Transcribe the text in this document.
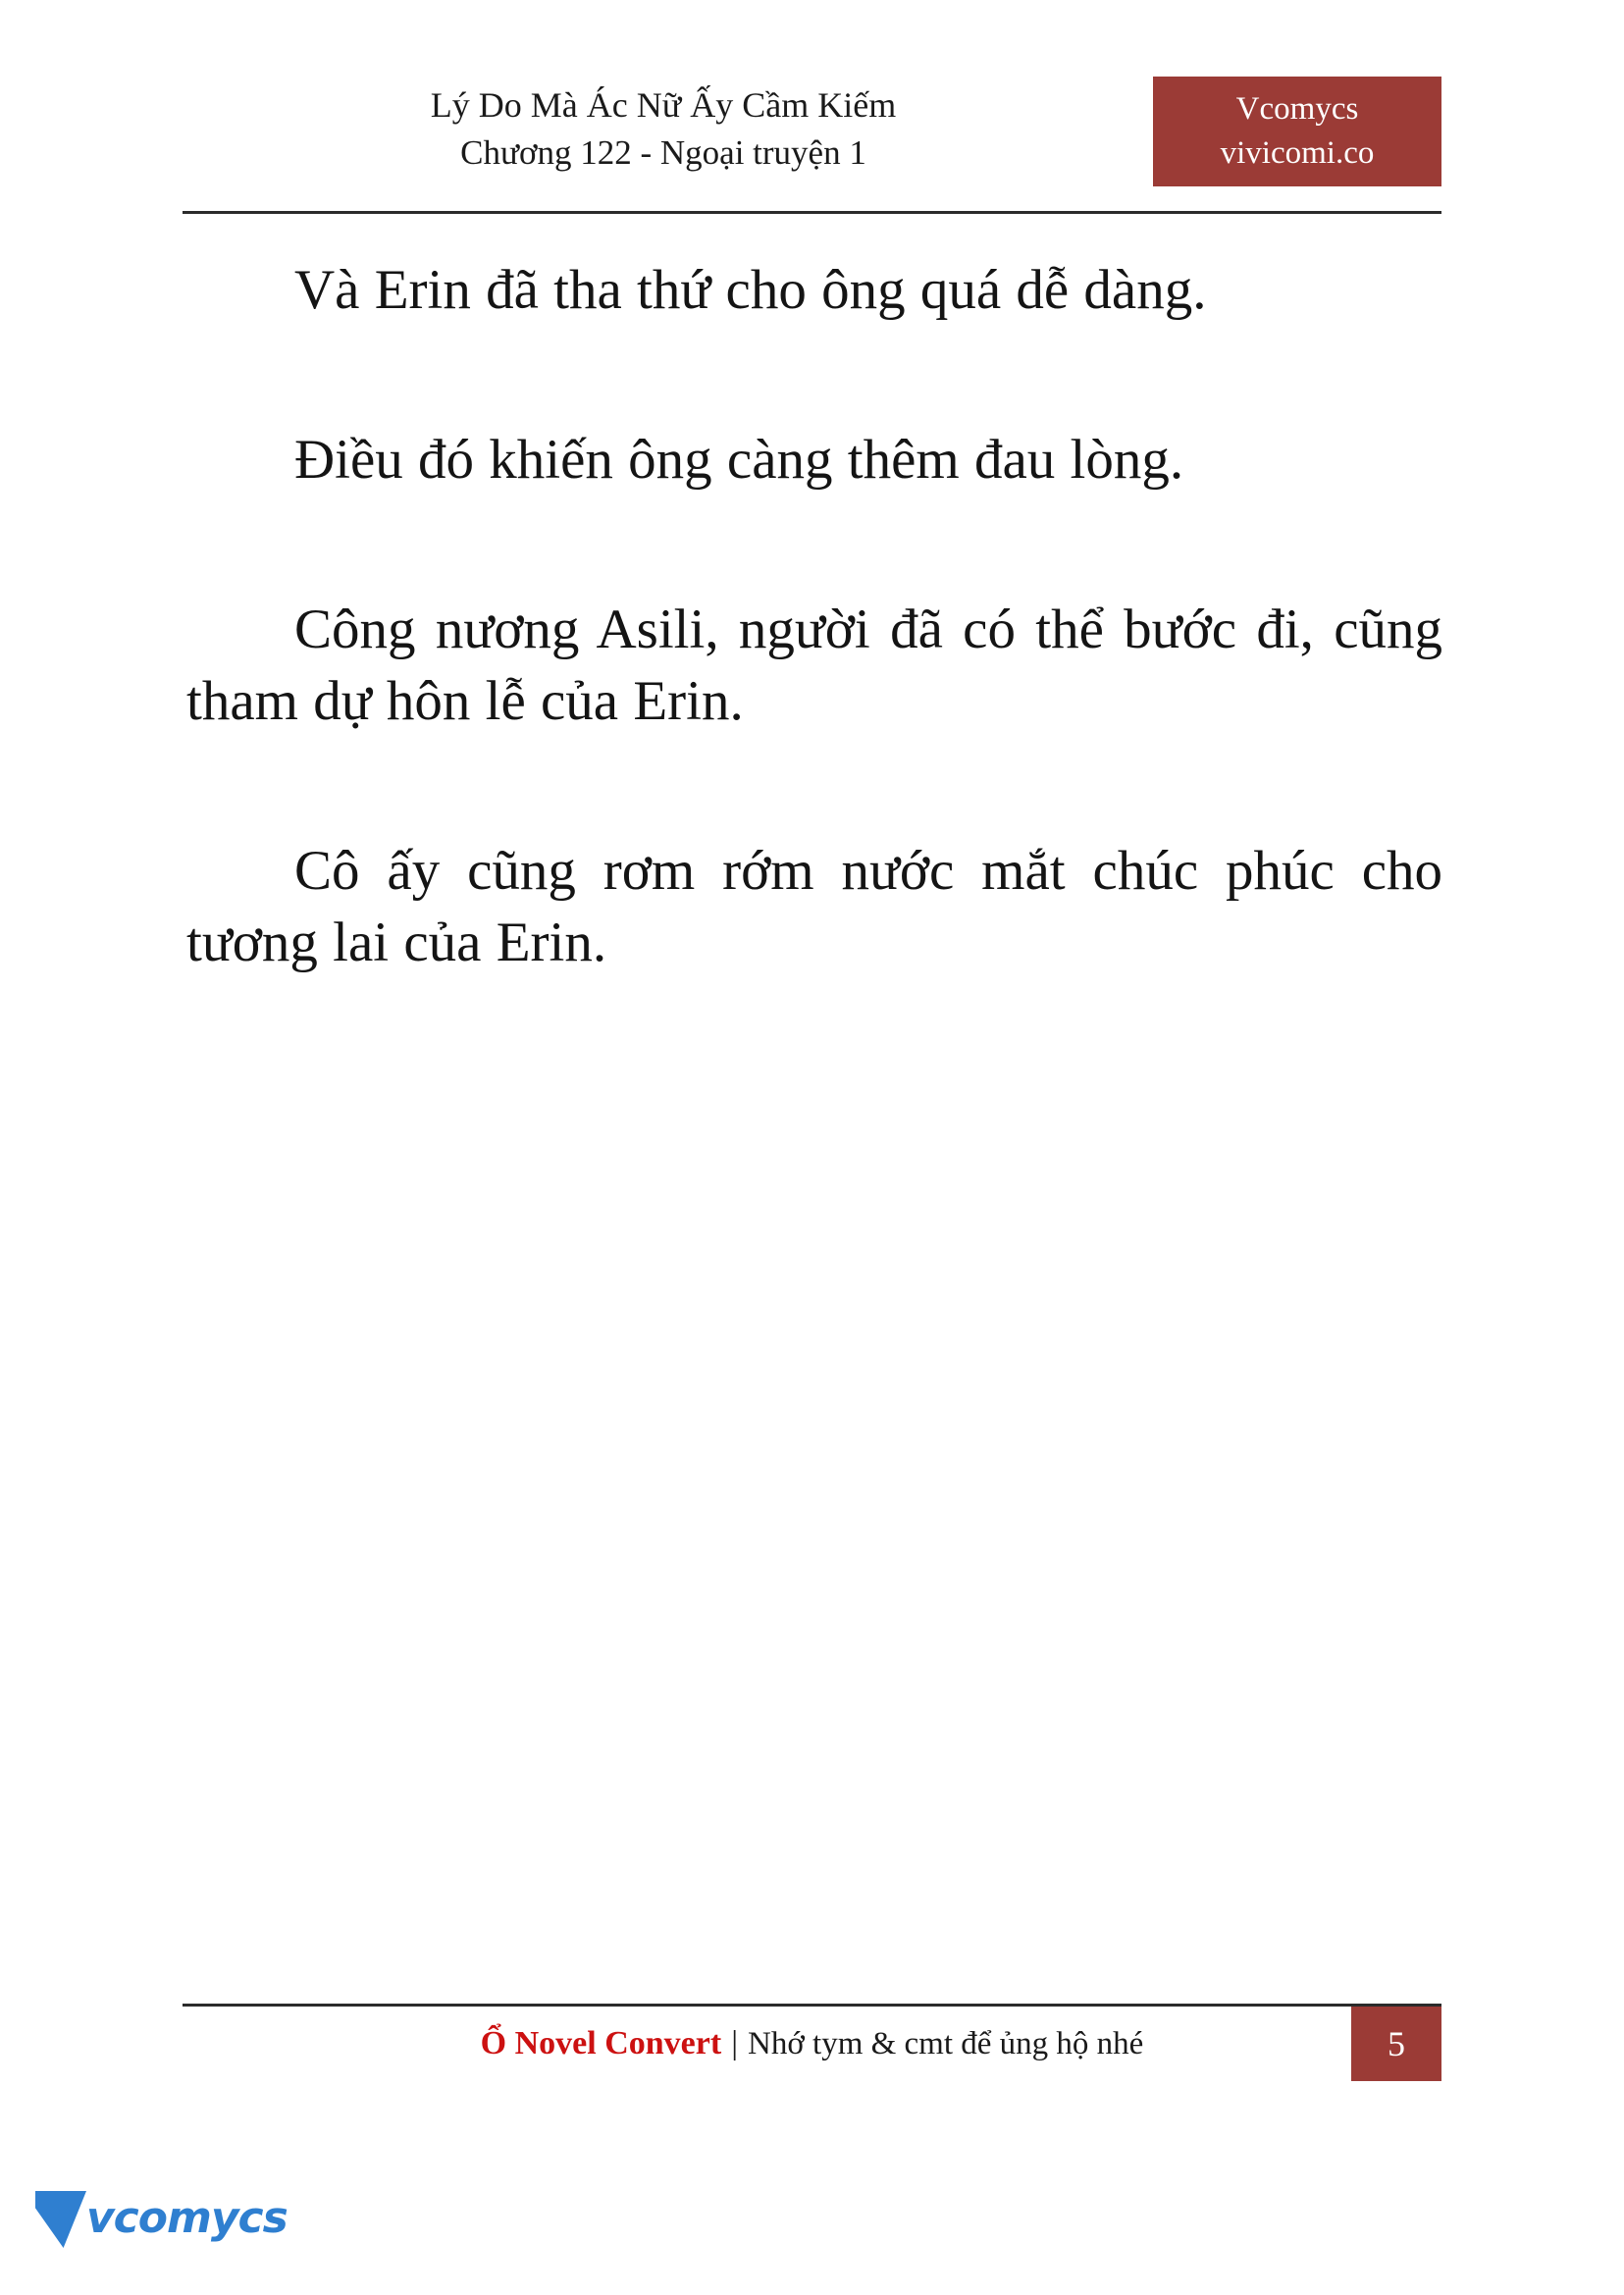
Lý Do Mà Ác Nữ Ấy Cầm Kiếm
Chương 122 - Ngoại truyện 1
Vcomycs
vivicomi.co

Và Erin đã tha thứ cho ông quá dễ dàng.

Điều đó khiến ông càng thêm đau lòng.

Công nương Asili, người đã có thể bước đi, cũng tham dự hôn lễ của Erin.

Cô ấy cũng rơm rớm nước mắt chúc phúc cho tương lai của Erin.

Ổ Novel Convert | Nhớ tym & cmt để ủng hộ nhé	5
vcomycs
